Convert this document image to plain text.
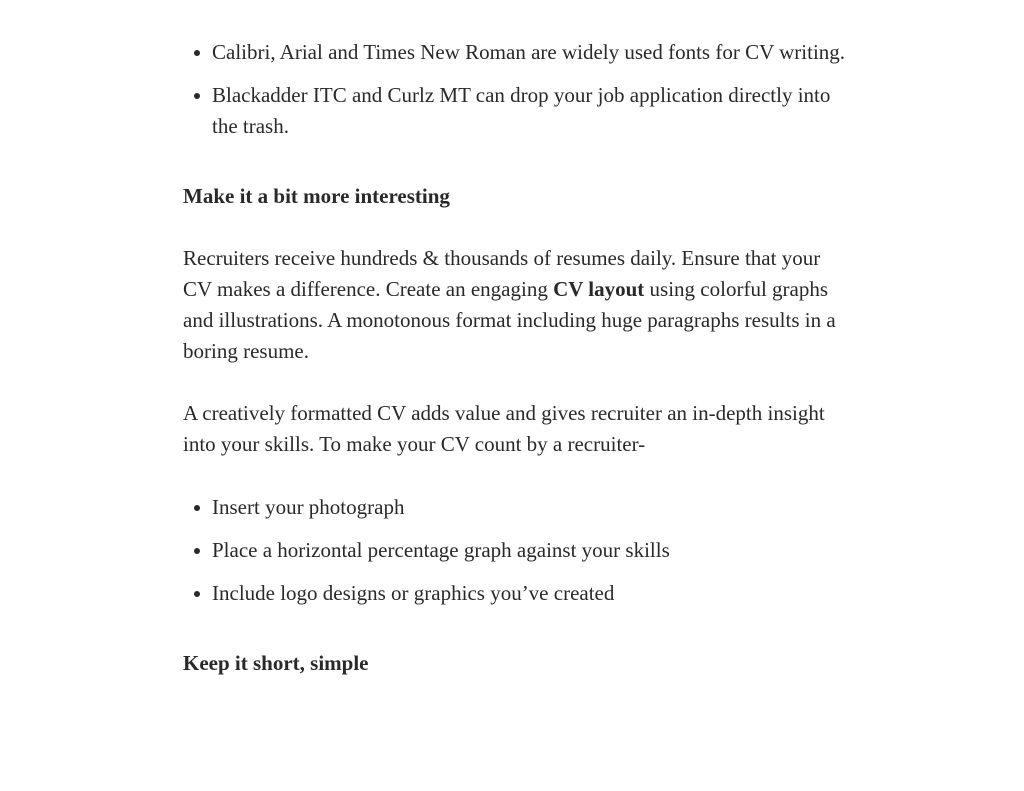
Calibri, Arial and Times New Roman are widely used fonts for CV writing.
Blackadder ITC and Curlz MT can drop your job application directly into the trash.
Make it a bit more interesting

Recruiters receive hundreds & thousands of resumes daily. Ensure that your CV makes a difference. Create an engaging CV layout using colorful graphs and illustrations. A monotonous format including huge paragraphs results in a boring resume.

A creatively formatted CV adds value and gives recruiter an in-depth insight into your skills. To make your CV count by a recruiter-

Insert your photograph
Place a horizontal percentage graph against your skills
Include logo designs or graphics you’ve created
Keep it short, simple
